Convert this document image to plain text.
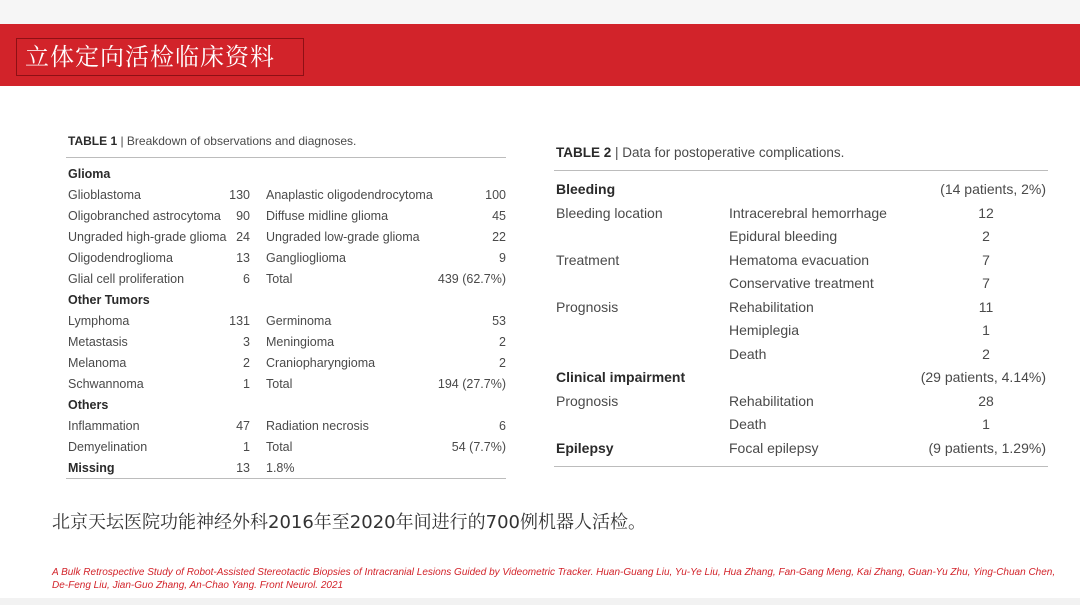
立体定向活检临床资料
TABLE 1 | Breakdown of observations and diagnoses.
Glioma
Glioblastoma	130 Anaplastic oligodendrocytoma	100
Oligobranched astrocytoma	90 Diffuse midline glioma	45
Ungraded high-grade glioma 24 Ungraded low-grade glioma	22
Oligodendroglioma	13 Ganglioglioma	9
Glial cell proliferation	6 Total	439 (62.7%)
Other Tumors
Lymphoma	131 Germinoma	53
Metastasis	3 Meningioma	2
Melanoma	2 Craniopharyngioma	2
Schwannoma	1 Total	194 (27.7%)
Others
Inflammation	47 Radiation necrosis	6
Demyelination	1 Total	54 (7.7%)
Missing	13 1.8%
TABLE 2 | Data for postoperative complications.
Bleeding	(14 patients, 2%)
Bleeding location	Intracerebral hemorrhage	12
Epidural bleeding	2
Treatment	Hematoma evacuation	7
Conservative treatment	7
Prognosis	Rehabilitation	11
Hemiplegia	1
Death	2
Clinical impairment	(29 patients, 4.14%)
Prognosis	Rehabilitation	28
Death	1
Epilepsy	Focal epilepsy	(9 patients, 1.29%)
北京天坛医院功能神经外科2016年至2020年间进行的700例机器人活检。
A Bulk Retrospective Study of Robot-Assisted Stereotactic Biopsies of Intracranial Lesions Guided by Videometric Tracker. Huan-Guang Liu, Yu-Ye Liu, Hua Zhang, Fan-Gang Meng, Kai Zhang, Guan-Yu Zhu, Ying-Chuan Chen, De-Feng Liu, Jian-Guo Zhang, An-Chao Yang. Front Neurol. 2021
